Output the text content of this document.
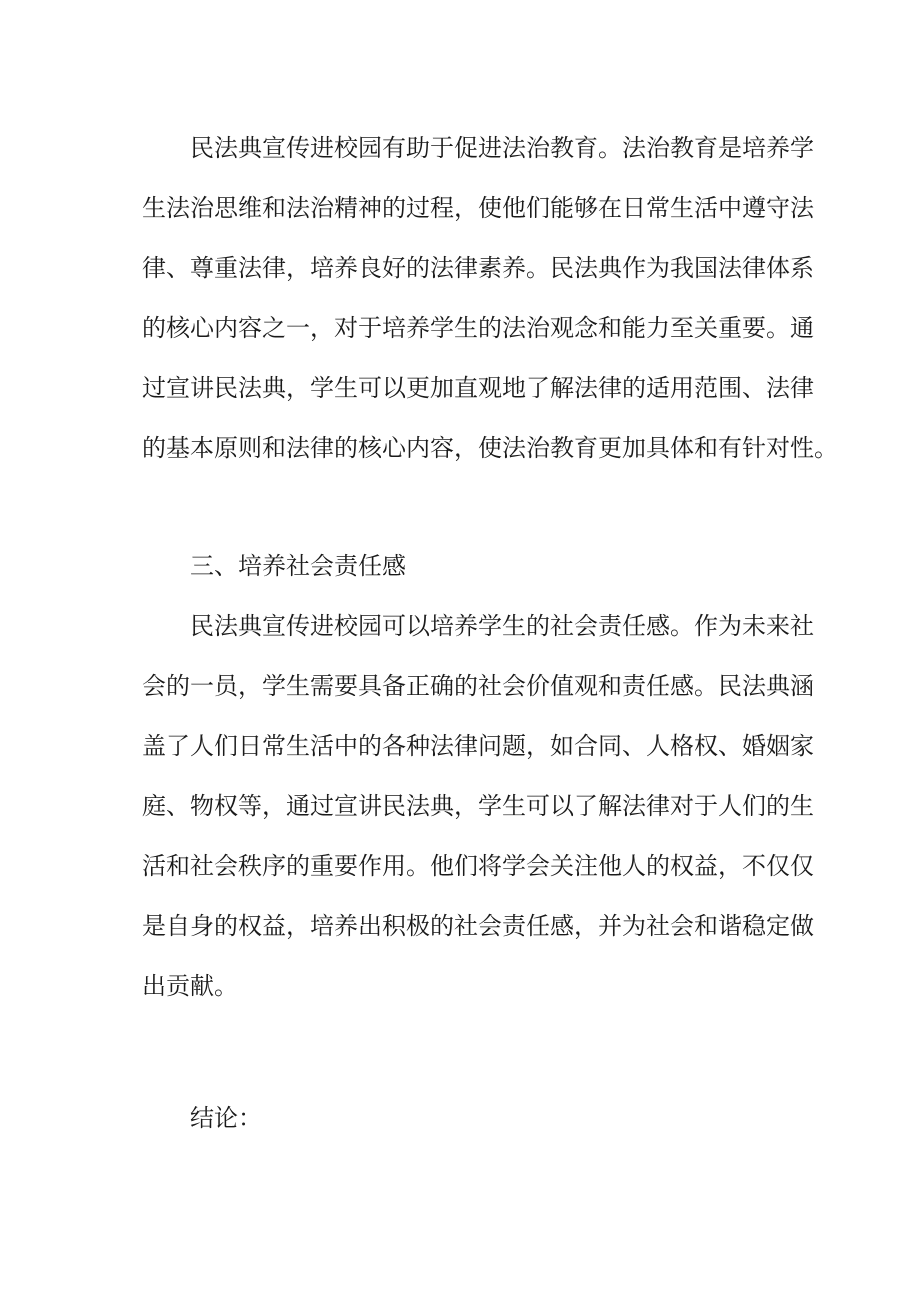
民法典宣传进校园有助于促进法治教育。法治教育是培养学
生法治思维和法治精神的过程，使他们能够在日常生活中遵守法
律、尊重法律，培养良好的法律素养。民法典作为我国法律体系
的核心内容之一，对于培养学生的法治观念和能力至关重要。通
过宣讲民法典，学生可以更加直观地了解法律的适用范围、法律
的基本原则和法律的核心内容，使法治教育更加具体和有针对性。
三、培养社会责任感
民法典宣传进校园可以培养学生的社会责任感。作为未来社
会的一员，学生需要具备正确的社会价值观和责任感。民法典涵
盖了人们日常生活中的各种法律问题，如合同、人格权、婚姻家
庭、物权等，通过宣讲民法典，学生可以了解法律对于人们的生
活和社会秩序的重要作用。他们将学会关注他人的权益，不仅仅
是自身的权益，培养出积极的社会责任感，并为社会和谐稳定做
出贡献。
结论：
